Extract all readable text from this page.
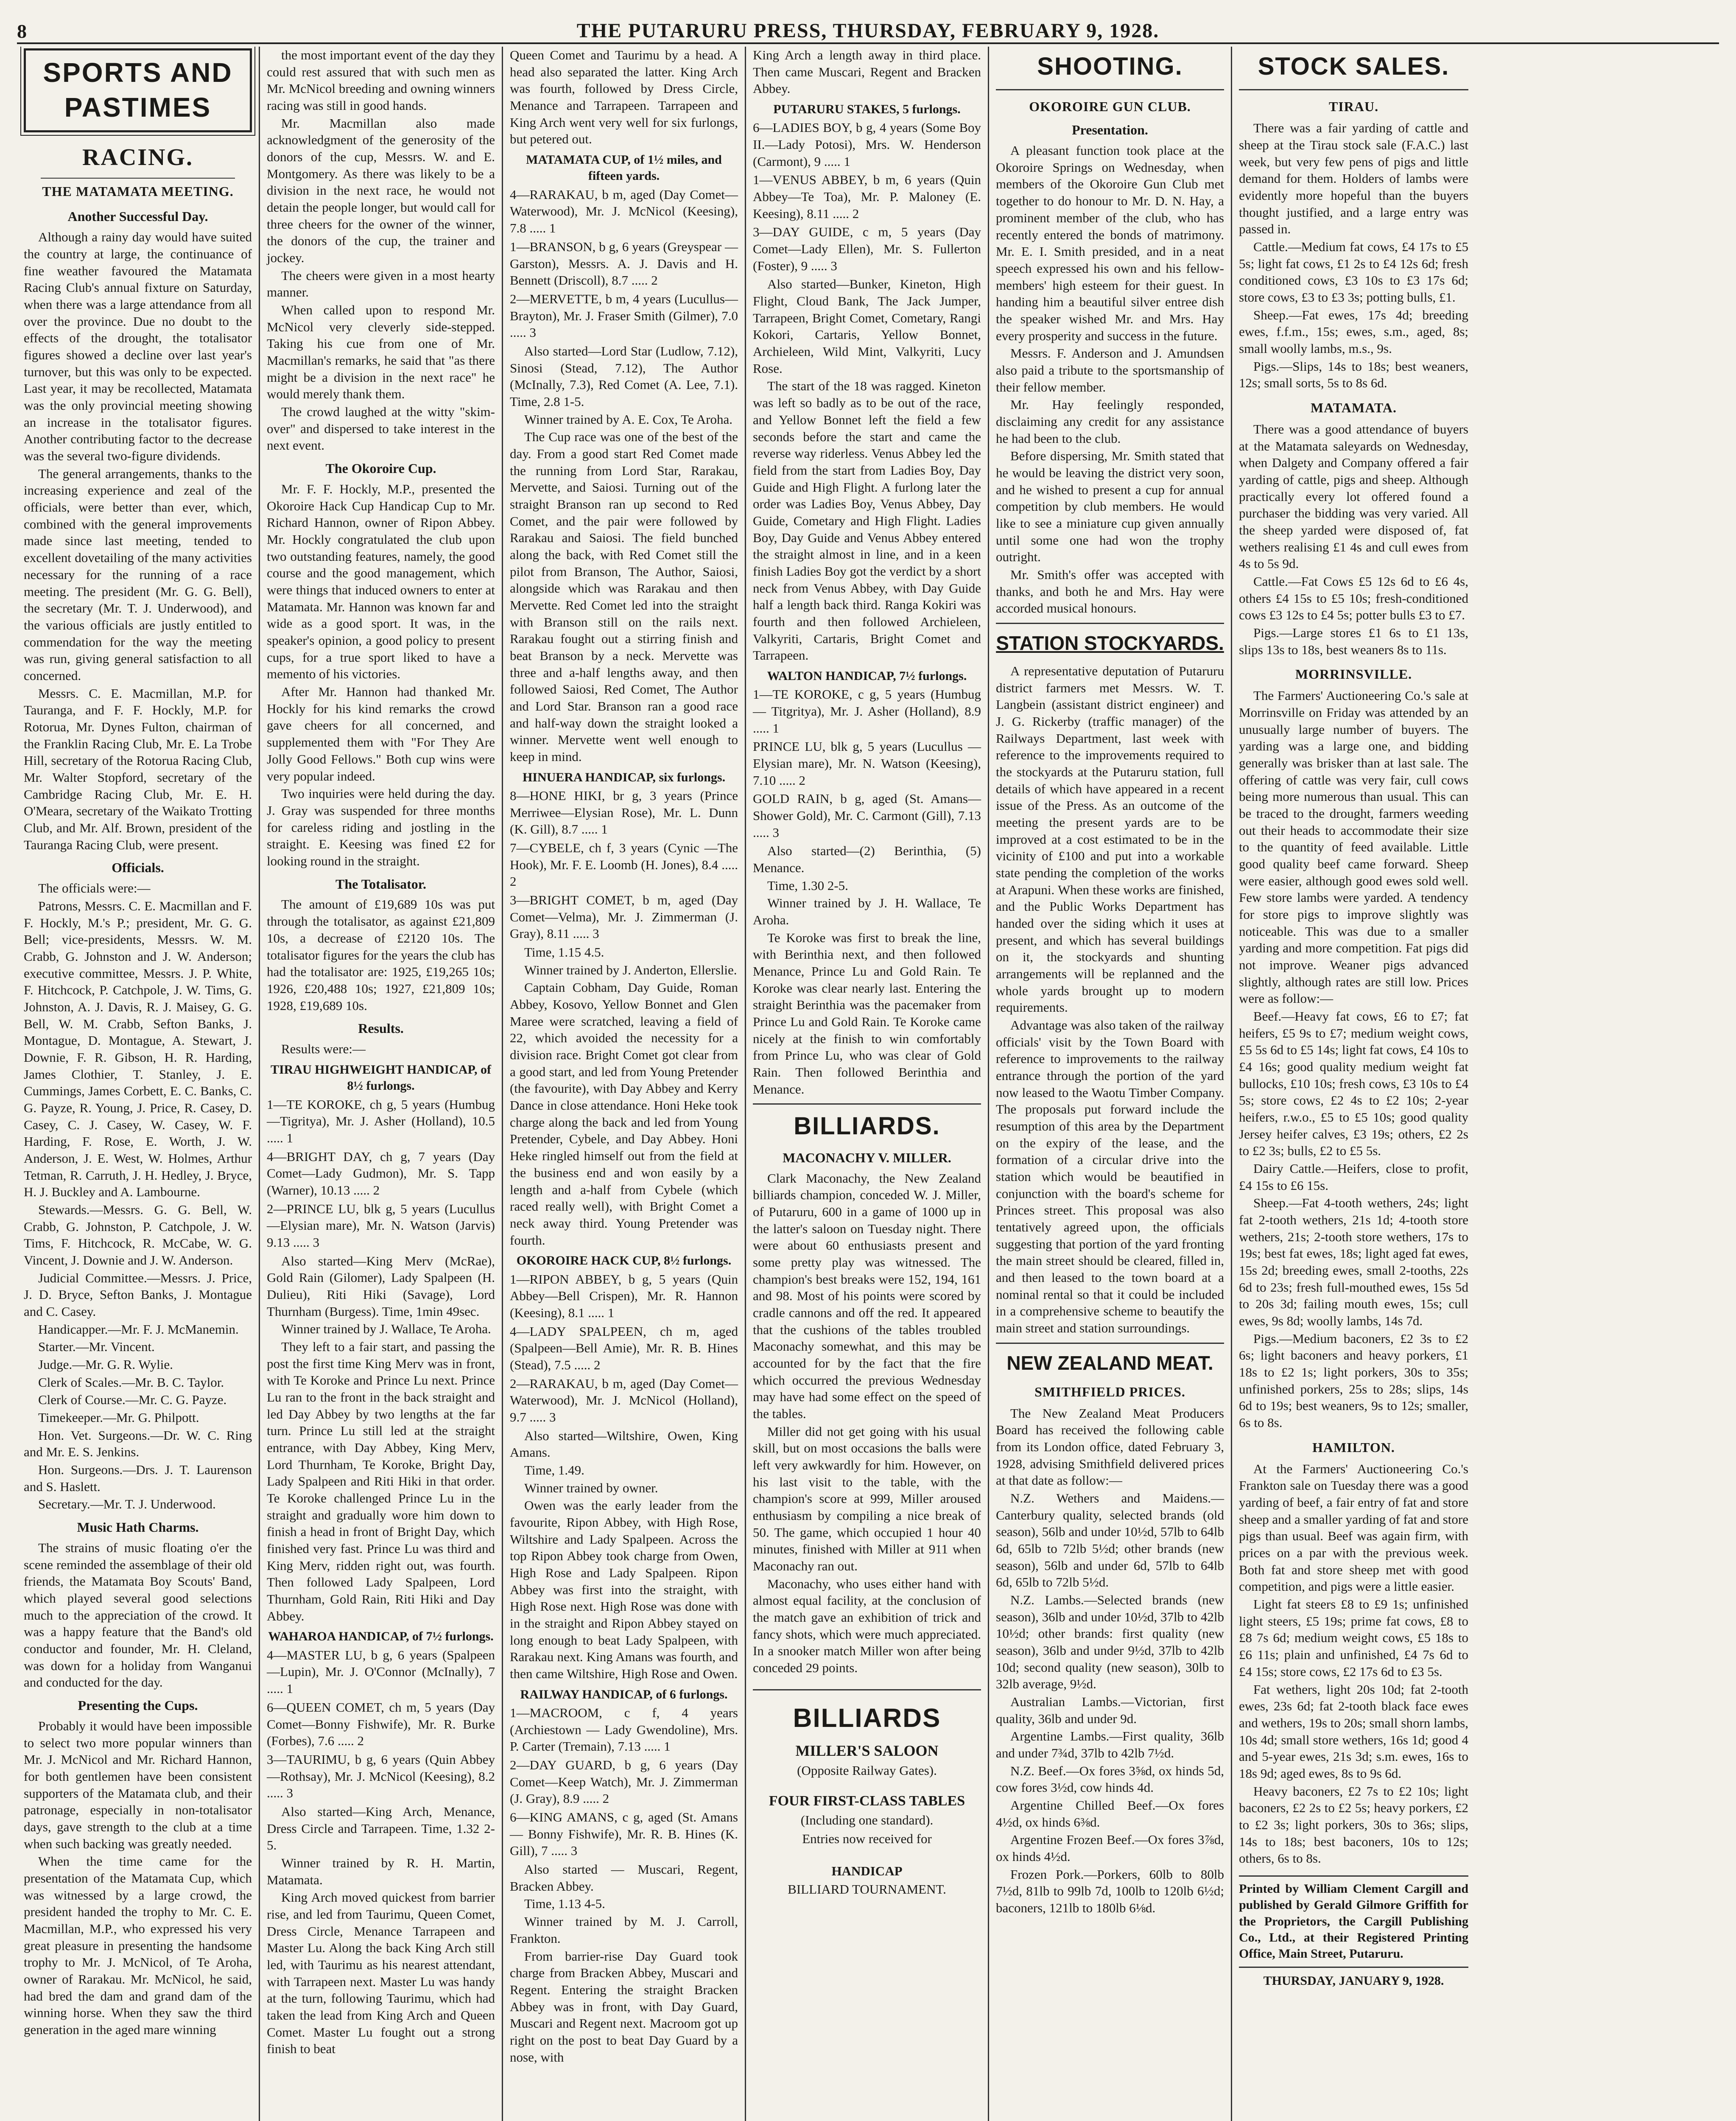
8	THE PUTARURU PRESS, THURSDAY, FEBRUARY 9, 1928.
SPORTS AND PASTIMES
RACING.
THE MATAMATA MEETING.
Another Successful Day.

Although a rainy day would have suited the country at large, the continuance of fine weather favoured the Matamata Racing Club's annual fixture on Saturday, when there was a large attendance from all over the province. Due no doubt to the effects of the drought, the totalisator figures showed a decline over last year's turnover, but this was only to be expected. Last year, it may be recollected, Matamata was the only provincial meeting showing an increase in the totalisator figures. Another contributing factor to the decrease was the several two-figure dividends.

The general arrangements, thanks to the increasing experience and zeal of the officials, were better than ever, which, combined with the general improvements made since last meeting, tended to excellent dovetailing of the many activities necessary for the running of a race meeting. The president (Mr. G. G. Bell), the secretary (Mr. T. J. Underwood), and the various officials are justly entitled to commendation for the way the meeting was run, giving general satisfaction to all concerned.

Messrs. C. E. Macmillan, M.P. for Tauranga, and F. F. Hockly, M.P. for Rotorua, Mr. Dynes Fulton, chairman of the Franklin Racing Club, Mr. E. La Trobe Hill, secretary of the Rotorua Racing Club, Mr. Walter Stopford, secretary of the Cambridge Racing Club, Mr. E. H. O'Meara, secretary of the Waikato Trotting Club, and Mr. Alf. Brown, president of the Tauranga Racing Club, were present.

Officials.

The officials were:—

Patrons, Messrs. C. E. Macmillan and F. F. Hockly, M.'s P.; president, Mr. G. G. Bell; vice-presidents, Messrs. W. M. Crabb, G. Johnston and J. W. Anderson; executive committee, Messrs. J. P. White, F. Hitchcock, P. Catchpole, J. W. Tims, G. Johnston, A. J. Davis, R. J. Maisey, G. G. Bell, W. M. Crabb, Sefton Banks, J. Montague, D. Montague, A. Stewart, J. Downie, F. R. Gibson, H. R. Harding, James Clothier, T. Stanley, J. E. Cummings, James Corbett, E. C. Banks, C. G. Payze, R. Young, J. Price, R. Casey, D. Casey, C. J. Casey, W. Casey, W. F. Harding, F. Rose, E. Worth, J. W. Anderson, J. E. West, W. Holmes, Arthur Tetman, R. Carruth, J. H. Hedley, J. Bryce, H. J. Buckley and A. Lambourne.

Stewards.—Messrs. G. G. Bell, W. Crabb, G. Johnston, P. Catchpole, J. W. Tims, F. Hitchcock, R. McCabe, W. G. Vincent, J. Downie and J. W. Anderson.

Judicial Committee.—Messrs. J. Price, J. D. Bryce, Sefton Banks, J. Montague and C. Casey.

Handicapper.—Mr. F. J. McManemin.

Starter.—Mr. Vincent.

Judge.—Mr. G. R. Wylie.

Clerk of Scales.—Mr. B. C. Taylor.

Clerk of Course.—Mr. C. G. Payze.

Timekeeper.—Mr. G. Philpott.

Hon. Vet. Surgeons.—Dr. W. C. Ring and Mr. E. S. Jenkins.

Hon. Surgeons.—Drs. J. T. Laurenson and S. Haslett.

Secretary.—Mr. T. J. Underwood.

Music Hath Charms.

The strains of music floating o'er the scene reminded the assemblage of their old friends, the Matamata Boy Scouts' Band, which played several good selections much to the appreciation of the crowd. It was a happy feature that the Band's old conductor and founder, Mr. H. Cleland, was down for a holiday from Wanganui and conducted for the day.

Presenting the Cups.

Probably it would have been impossible to select two more popular winners than Mr. J. McNicol and Mr. Richard Hannon, for both gentlemen have been consistent supporters of the Matamata club, and their patronage, especially in non-totalisator days, gave strength to the club at a time when such backing was greatly needed.

When the time came for the presentation of the Matamata Cup, which was witnessed by a large crowd, the president handed the trophy to Mr. C. E. Macmillan, M.P., who expressed his very great pleasure in presenting the handsome trophy to Mr. J. McNicol, of Te Aroha, owner of Rarakau. Mr. McNicol, he said, had bred the dam and grand dam of the winning horse. When they saw the third generation in the aged mare winning

the most important event of the day they could rest assured that with such men as Mr. McNicol breeding and owning winners racing was still in good hands.

Mr. Macmillan also made acknowledgment of the generosity of the donors of the cup, Messrs. W. and E. Montgomery. As there was likely to be a division in the next race, he would not detain the people longer, but would call for three cheers for the owner of the winner, the donors of the cup, the trainer and jockey.

The cheers were given in a most hearty manner.

When called upon to respond Mr. McNicol very cleverly side-stepped. Taking his cue from one of Mr. Macmillan's remarks, he said that "as there might be a division in the next race" he would merely thank them.

The crowd laughed at the witty "skim-over" and dispersed to take interest in the next event.

The Okoroire Cup.

Mr. F. F. Hockly, M.P., presented the Okoroire Hack Cup Handicap Cup to Mr. Richard Hannon, owner of Ripon Abbey. Mr. Hockly congratulated the club upon two outstanding features, namely, the good course and the good management, which were things that induced owners to enter at Matamata. Mr. Hannon was known far and wide as a good sport. It was, in the speaker's opinion, a good policy to present cups, for a true sport liked to have a memento of his victories.

After Mr. Hannon had thanked Mr. Hockly for his kind remarks the crowd gave cheers for all concerned, and supplemented them with "For They Are Jolly Good Fellows." Both cup wins were very popular indeed.

Two inquiries were held during the day. J. Gray was suspended for three months for careless riding and jostling in the straight. E. Keesing was fined £2 for looking round in the straight.

The Totalisator.

The amount of £19,689 10s was put through the totalisator, as against £21,809 10s, a decrease of £2120 10s. The totalisator figures for the years the club has had the totalisator are: 1925, £19,265 10s; 1926, £20,488 10s; 1927, £21,809 10s; 1928, £19,689 10s.

Results.

Results were:—

TIRAU HIGHWEIGHT HANDICAP, of 8½ furlongs.
1—TE KOROKE, ch g, 5 years (Humbug—Tigritya), Mr. J. Asher (Holland), 10.5 ..... 1
4—BRIGHT DAY, ch g, 7 years (Day Comet—Lady Gudmon), Mr. S. Tapp (Warner), 10.13 ..... 2
2—PRINCE LU, blk g, 5 years (Lucullus—Elysian mare), Mr. N. Watson (Jarvis) 9.13 ..... 3

Also started—King Merv (McRae), Gold Rain (Gilomer), Lady Spalpeen (H. Dulieu), Riti Hiki (Savage), Lord Thurnham (Burgess). Time, 1min 49sec.

Winner trained by J. Wallace, Te Aroha.

They left to a fair start, and passing the post the first time King Merv was in front, with Te Koroke and Prince Lu next. Prince Lu ran to the front in the back straight and led Day Abbey by two lengths at the far turn. Prince Lu still led at the straight entrance, with Day Abbey, King Merv, Lord Thurnham, Te Koroke, Bright Day, Lady Spalpeen and Riti Hiki in that order. Te Koroke challenged Prince Lu in the straight and gradually wore him down to finish a head in front of Bright Day, which finished very fast. Prince Lu was third and King Merv, ridden right out, was fourth. Then followed Lady Spalpeen, Lord Thurnham, Gold Rain, Riti Hiki and Day Abbey.

WAHAROA HANDICAP, of 7½ furlongs.
4—MASTER LU, b g, 6 years (Spalpeen—Lupin), Mr. J. O'Connor (McInally), 7 ..... 1
6—QUEEN COMET, ch m, 5 years (Day Comet—Bonny Fishwife), Mr. R. Burke (Forbes), 7.6 ..... 2
3—TAURIMU, b g, 6 years (Quin Abbey—Rothsay), Mr. J. McNicol (Keesing), 8.2 ..... 3

Also started—King Arch, Menance, Dress Circle and Tarrapeen. Time, 1.32 2-5.

Winner trained by R. H. Martin, Matamata.

King Arch moved quickest from barrier rise, and led from Taurimu, Queen Comet, Dress Circle, Menance Tarrapeen and Master Lu. Along the back King Arch still led, with Taurimu as his nearest attendant, with Tarrapeen next. Master Lu was handy at the turn, following Taurimu, which had taken the lead from King Arch and Queen Comet. Master Lu fought out a strong finish to beat

Queen Comet and Taurimu by a head. A head also separated the latter. King Arch was fourth, followed by Dress Circle, Menance and Tarrapeen. Tarrapeen and King Arch went very well for six furlongs, but petered out.

MATAMATA CUP, of 1½ miles, and fifteen yards.
4—RARAKAU, b m, aged (Day Comet—Waterwood), Mr. J. McNicol (Keesing), 7.8 ..... 1
1—BRANSON, b g, 6 years (Greyspear — Garston), Messrs. A. J. Davis and H. Bennett (Driscoll), 8.7 ..... 2
2—MERVETTE, b m, 4 years (Lucullus—Brayton), Mr. J. Fraser Smith (Gilmer), 7.0 ..... 3

Also started—Lord Star (Ludlow, 7.12), Sinosi (Stead, 7.12), The Author (McInally, 7.3), Red Comet (A. Lee, 7.1). Time, 2.8 1-5.

Winner trained by A. E. Cox, Te Aroha.

The Cup race was one of the best of the day. From a good start Red Comet made the running from Lord Star, Rarakau, Mervette, and Saiosi. Turning out of the straight Branson ran up second to Red Comet, and the pair were followed by Rarakau and Saiosi. The field bunched along the back, with Red Comet still the pilot from Branson, The Author, Saiosi, alongside which was Rarakau and then Mervette. Red Comet led into the straight with Branson still on the rails next. Rarakau fought out a stirring finish and beat Branson by a neck. Mervette was three and a-half lengths away, and then followed Saiosi, Red Comet, The Author and Lord Star. Branson ran a good race and half-way down the straight looked a winner. Mervette went well enough to keep in mind.

HINUERA HANDICAP, six furlongs.
8—HONE HIKI, br g, 3 years (Prince Merriwee—Elysian Rose), Mr. L. Dunn (K. Gill), 8.7 ..... 1
7—CYBELE, ch f, 3 years (Cynic —The Hook), Mr. F. E. Loomb (H. Jones), 8.4 ..... 2
3—BRIGHT COMET, b m, aged (Day Comet—Velma), Mr. J. Zimmerman (J. Gray), 8.11 ..... 3

Time, 1.15 4.5.

Winner trained by J. Anderton, Ellerslie.

Captain Cobham, Day Guide, Roman Abbey, Kosovo, Yellow Bonnet and Glen Maree were scratched, leaving a field of 22, which avoided the necessity for a division race. Bright Comet got clear from a good start, and led from Young Pretender (the favourite), with Day Abbey and Kerry Dance in close attendance. Honi Heke took charge along the back and led from Young Pretender, Cybele, and Day Abbey. Honi Heke ringled himself out from the field at the business end and won easily by a length and a-half from Cybele (which raced really well), with Bright Comet a neck away third. Young Pretender was fourth.

OKOROIRE HACK CUP, 8½ furlongs.
1—RIPON ABBEY, b g, 5 years (Quin Abbey—Bell Crispen), Mr. R. Hannon (Keesing), 8.1 ..... 1
4—LADY SPALPEEN, ch m, aged (Spalpeen—Bell Amie), Mr. R. B. Hines (Stead), 7.5 ..... 2
2—RARAKAU, b m, aged (Day Comet—Waterwood), Mr. J. McNicol (Holland), 9.7 ..... 3

Also started—Wiltshire, Owen, King Amans.

Time, 1.49.

Winner trained by owner.

Owen was the early leader from the favourite, Ripon Abbey, with High Rose, Wiltshire and Lady Spalpeen. Across the top Ripon Abbey took charge from Owen, High Rose and Lady Spalpeen. Ripon Abbey was first into the straight, with High Rose next. High Rose was done with in the straight and Ripon Abbey stayed on long enough to beat Lady Spalpeen, with Rarakau next. King Amans was fourth, and then came Wiltshire, High Rose and Owen.

RAILWAY HANDICAP, of 6 furlongs.
1—MACROOM, c f, 4 years (Archiestown — Lady Gwendoline), Mrs. P. Carter (Tremain), 7.13 ..... 1
2—DAY GUARD, b g, 6 years (Day Comet—Keep Watch), Mr. J. Zimmerman (J. Gray), 8.9 ..... 2
6—KING AMANS, c g, aged (St. Amans — Bonny Fishwife), Mr. R. B. Hines (K. Gill), 7 ..... 3

Also started — Muscari, Regent, Bracken Abbey.

Time, 1.13 4-5.

Winner trained by M. J. Carroll, Frankton.

From barrier-rise Day Guard took charge from Bracken Abbey, Muscari and Regent. Entering the straight Bracken Abbey was in front, with Day Guard, Muscari and Regent next. Macroom got up right on the post to beat Day Guard by a nose, with

King Arch a length away in third place. Then came Muscari, Regent and Bracken Abbey.

PUTARURU STAKES, 5 furlongs.
6—LADIES BOY, b g, 4 years (Some Boy II.—Lady Potosi), Mrs. W. Henderson (Carmont), 9 ..... 1
1—VENUS ABBEY, b m, 6 years (Quin Abbey—Te Toa), Mr. P. Maloney (E. Keesing), 8.11 ..... 2
3—DAY GUIDE, c m, 5 years (Day Comet—Lady Ellen), Mr. S. Fullerton (Foster), 9 ..... 3

Also started—Bunker, Kineton, High Flight, Cloud Bank, The Jack Jumper, Tarrapeen, Bright Comet, Cometary, Rangi Kokori, Cartaris, Yellow Bonnet, Archieleen, Wild Mint, Valkyriti, Lucy Rose.

The start of the 18 was ragged. Kineton was left so badly as to be out of the race, and Yellow Bonnet left the field a few seconds before the start and came the reverse way riderless. Venus Abbey led the field from the start from Ladies Boy, Day Guide and High Flight. A furlong later the order was Ladies Boy, Venus Abbey, Day Guide, Cometary and High Flight. Ladies Boy, Day Guide and Venus Abbey entered the straight almost in line, and in a keen finish Ladies Boy got the verdict by a short neck from Venus Abbey, with Day Guide half a length back third. Ranga Kokiri was fourth and then followed Archieleen, Valkyriti, Cartaris, Bright Comet and Tarrapeen.

WALTON HANDICAP, 7½ furlongs.
1—TE KOROKE, c g, 5 years (Humbug — Titgritya), Mr. J. Asher (Holland), 8.9 ..... 1
PRINCE LU, blk g, 5 years (Lucullus — Elysian mare), Mr. N. Watson (Keesing), 7.10 ..... 2
GOLD RAIN, b g, aged (St. Amans—Shower Gold), Mr. C. Carmont (Gill), 7.13 ..... 3

Also started—(2) Berinthia, (5) Menance.

Time, 1.30 2-5.

Winner trained by J. H. Wallace, Te Aroha.

Te Koroke was first to break the line, with Berinthia next, and then followed Menance, Prince Lu and Gold Rain. Te Koroke was clear nearly last. Entering the straight Berinthia was the pacemaker from Prince Lu and Gold Rain. Te Koroke came nicely at the finish to win comfortably from Prince Lu, who was clear of Gold Rain. Then followed Berinthia and Menance.

BILLIARDS.
MACONACHY V. MILLER.

Clark Maconachy, the New Zealand billiards champion, conceded W. J. Miller, of Putaruru, 600 in a game of 1000 up in the latter's saloon on Tuesday night. There were about 60 enthusiasts present and some pretty play was witnessed. The champion's best breaks were 152, 194, 161 and 98. Most of his points were scored by cradle cannons and off the red. It appeared that the cushions of the tables troubled Maconachy somewhat, and this may be accounted for by the fact that the fire which occurred the previous Wednesday may have had some effect on the speed of the tables.

Miller did not get going with his usual skill, but on most occasions the balls were left very awkwardly for him. However, on his last visit to the table, with the champion's score at 999, Miller aroused enthusiasm by compiling a nice break of 50. The game, which occupied 1 hour 40 minutes, finished with Miller at 911 when Maconachy ran out.

Maconachy, who uses either hand with almost equal facility, at the conclusion of the match gave an exhibition of trick and fancy shots, which were much appreciated. In a snooker match Miller won after being conceded 29 points.

BILLIARDS
MILLER'S SALOON
(Opposite Railway Gates).
FOUR FIRST-CLASS TABLES
(Including one standard).
Entries now received for
HANDICAP
BILLIARD TOURNAMENT.
SHOOTING.
OKOROIRE GUN CLUB.
Presentation.

A pleasant function took place at the Okoroire Springs on Wednesday, when members of the Okoroire Gun Club met together to do honour to Mr. D. N. Hay, a prominent member of the club, who has recently entered the bonds of matrimony. Mr. E. I. Smith presided, and in a neat speech expressed his own and his fellow-members' high esteem for their guest. In handing him a beautiful silver entree dish the speaker wished Mr. and Mrs. Hay every prosperity and success in the future.

Messrs. F. Anderson and J. Amundsen also paid a tribute to the sportsmanship of their fellow member.

Mr. Hay feelingly responded, disclaiming any credit for any assistance he had been to the club.

Before dispersing, Mr. Smith stated that he would be leaving the district very soon, and he wished to present a cup for annual competition by club members. He would like to see a miniature cup given annually until some one had won the trophy outright.

Mr. Smith's offer was accepted with thanks, and both he and Mrs. Hay were accorded musical honours.

STATION STOCKYARDS.

A representative deputation of Putaruru district farmers met Messrs. W. T. Langbein (assistant district engineer) and J. G. Rickerby (traffic manager) of the Railways Department, last week with reference to the improvements required to the stockyards at the Putaruru station, full details of which have appeared in a recent issue of the Press. As an outcome of the meeting the present yards are to be improved at a cost estimated to be in the vicinity of £100 and put into a workable state pending the completion of the works at Arapuni. When these works are finished, and the Public Works Department has handed over the siding which it uses at present, and which has several buildings on it, the stockyards and shunting arrangements will be replanned and the whole yards brought up to modern requirements.

Advantage was also taken of the railway officials' visit by the Town Board with reference to improvements to the railway entrance through the portion of the yard now leased to the Waotu Timber Company. The proposals put forward include the resumption of this area by the Department on the expiry of the lease, and the formation of a circular drive into the station which would be beautified in conjunction with the board's scheme for Princes street. This proposal was also tentatively agreed upon, the officials suggesting that portion of the yard fronting the main street should be cleared, filled in, and then leased to the town board at a nominal rental so that it could be included in a comprehensive scheme to beautify the main street and station surroundings.

NEW ZEALAND MEAT.
SMITHFIELD PRICES.

The New Zealand Meat Producers Board has received the following cable from its London office, dated February 3, 1928, advising Smithfield delivered prices at that date as follow:—

N.Z. Wethers and Maidens.—Canterbury quality, selected brands (old season), 56lb and under 10½d, 57lb to 64lb 6d, 65lb to 72lb 5½d; other brands (new season), 56lb and under 6d, 57lb to 64lb 6d, 65lb to 72lb 5½d.

N.Z. Lambs.—Selected brands (new season), 36lb and under 10½d, 37lb to 42lb 10½d; other brands: first quality (new season), 36lb and under 9½d, 37lb to 42lb 10d; second quality (new season), 30lb to 32lb average, 9½d.

Australian Lambs.—Victorian, first quality, 36lb and under 9d.

Argentine Lambs.—First quality, 36lb and under 7¾d, 37lb to 42lb 7½d.

N.Z. Beef.—Ox fores 3⅝d, ox hinds 5d, cow fores 3½d, cow hinds 4d.

Argentine Chilled Beef.—Ox fores 4½d, ox hinds 6⅜d.

Argentine Frozen Beef.—Ox fores 3⅞d, ox hinds 4½d.

Frozen Pork.—Porkers, 60lb to 80lb 7½d, 81lb to 99lb 7d, 100lb to 120lb 6½d; baconers, 121lb to 180lb 6⅛d.

STOCK SALES.
TIRAU.

There was a fair yarding of cattle and sheep at the Tirau stock sale (F.A.C.) last week, but very few pens of pigs and little demand for them. Holders of lambs were evidently more hopeful than the buyers thought justified, and a large entry was passed in.

Cattle.—Medium fat cows, £4 17s to £5 5s; light fat cows, £1 2s to £4 12s 6d; fresh conditioned cows, £3 10s to £3 17s 6d; store cows, £3 to £3 3s; potting bulls, £1.

Sheep.—Fat ewes, 17s 4d; breeding ewes, f.f.m., 15s; ewes, s.m., aged, 8s; small woolly lambs, m.s., 9s.

Pigs.—Slips, 14s to 18s; best weaners, 12s; small sorts, 5s to 8s 6d.

MATAMATA.

There was a good attendance of buyers at the Matamata saleyards on Wednesday, when Dalgety and Company offered a fair yarding of cattle, pigs and sheep. Although practically every lot offered found a purchaser the bidding was very varied. All the sheep yarded were disposed of, fat wethers realising £1 4s and cull ewes from 4s to 5s 9d.

Cattle.—Fat Cows £5 12s 6d to £6 4s, others £4 15s to £5 10s; fresh-conditioned cows £3 12s to £4 5s; potter bulls £3 to £7.

Pigs.—Large stores £1 6s to £1 13s, slips 13s to 18s, best weaners 8s to 11s.

MORRINSVILLE.

The Farmers' Auctioneering Co.'s sale at Morrinsville on Friday was attended by an unusually large number of buyers. The yarding was a large one, and bidding generally was brisker than at last sale. The offering of cattle was very fair, cull cows being more numerous than usual. This can be traced to the drought, farmers weeding out their heads to accommodate their size to the quantity of feed available. Little good quality beef came forward. Sheep were easier, although good ewes sold well. Few store lambs were yarded. A tendency for store pigs to improve slightly was noticeable. This was due to a smaller yarding and more competition. Fat pigs did not improve. Weaner pigs advanced slightly, although rates are still low. Prices were as follow:—

Beef.—Heavy fat cows, £6 to £7; fat heifers, £5 9s to £7; medium weight cows, £5 5s 6d to £5 14s; light fat cows, £4 10s to £4 16s; good quality medium weight fat bullocks, £10 10s; fresh cows, £3 10s to £4 5s; store cows, £2 4s to £2 10s; 2-year heifers, r.w.o., £5 to £5 10s; good quality Jersey heifer calves, £3 19s; others, £2 2s to £2 3s; bulls, £2 to £5 5s.

Dairy Cattle.—Heifers, close to profit, £4 15s to £6 15s.

Sheep.—Fat 4-tooth wethers, 24s; light fat 2-tooth wethers, 21s 1d; 4-tooth store wethers, 21s; 2-tooth store wethers, 17s to 19s; best fat ewes, 18s; light aged fat ewes, 15s 2d; breeding ewes, small 2-tooths, 22s 6d to 23s; fresh full-mouthed ewes, 15s 5d to 20s 3d; failing mouth ewes, 15s; cull ewes, 9s 8d; woolly lambs, 14s 7d.

Pigs.—Medium baconers, £2 3s to £2 6s; light baconers and heavy porkers, £1 18s to £2 1s; light porkers, 30s to 35s; unfinished porkers, 25s to 28s; slips, 14s 6d to 19s; best weaners, 9s to 12s; smaller, 6s to 8s.

HAMILTON.

At the Farmers' Auctioneering Co.'s Frankton sale on Tuesday there was a good yarding of beef, a fair entry of fat and store sheep and a smaller yarding of fat and store pigs than usual. Beef was again firm, with prices on a par with the previous week. Both fat and store sheep met with good competition, and pigs were a little easier.

Light fat steers £8 to £9 1s; unfinished light steers, £5 19s; prime fat cows, £8 to £8 7s 6d; medium weight cows, £5 18s to £6 11s; plain and unfinished, £4 7s 6d to £4 15s; store cows, £2 17s 6d to £3 5s.

Fat wethers, light 20s 10d; fat 2-tooth ewes, 23s 6d; fat 2-tooth black face ewes and wethers, 19s to 20s; small shorn lambs, 10s 4d; small store wethers, 16s 1d; good 4 and 5-year ewes, 21s 3d; s.m. ewes, 16s to 18s 9d; aged ewes, 8s to 9s 6d.

Heavy baconers, £2 7s to £2 10s; light baconers, £2 2s to £2 5s; heavy porkers, £2 to £2 3s; light porkers, 30s to 36s; slips, 14s to 18s; best baconers, 10s to 12s; others, 6s to 8s.

Printed by William Clement Cargill and published by Gerald Gilmore Griffith for the Proprietors, the Cargill Publishing Co., Ltd., at their Registered Printing Office, Main Street, Putaruru.
THURSDAY, JANUARY 9, 1928.
